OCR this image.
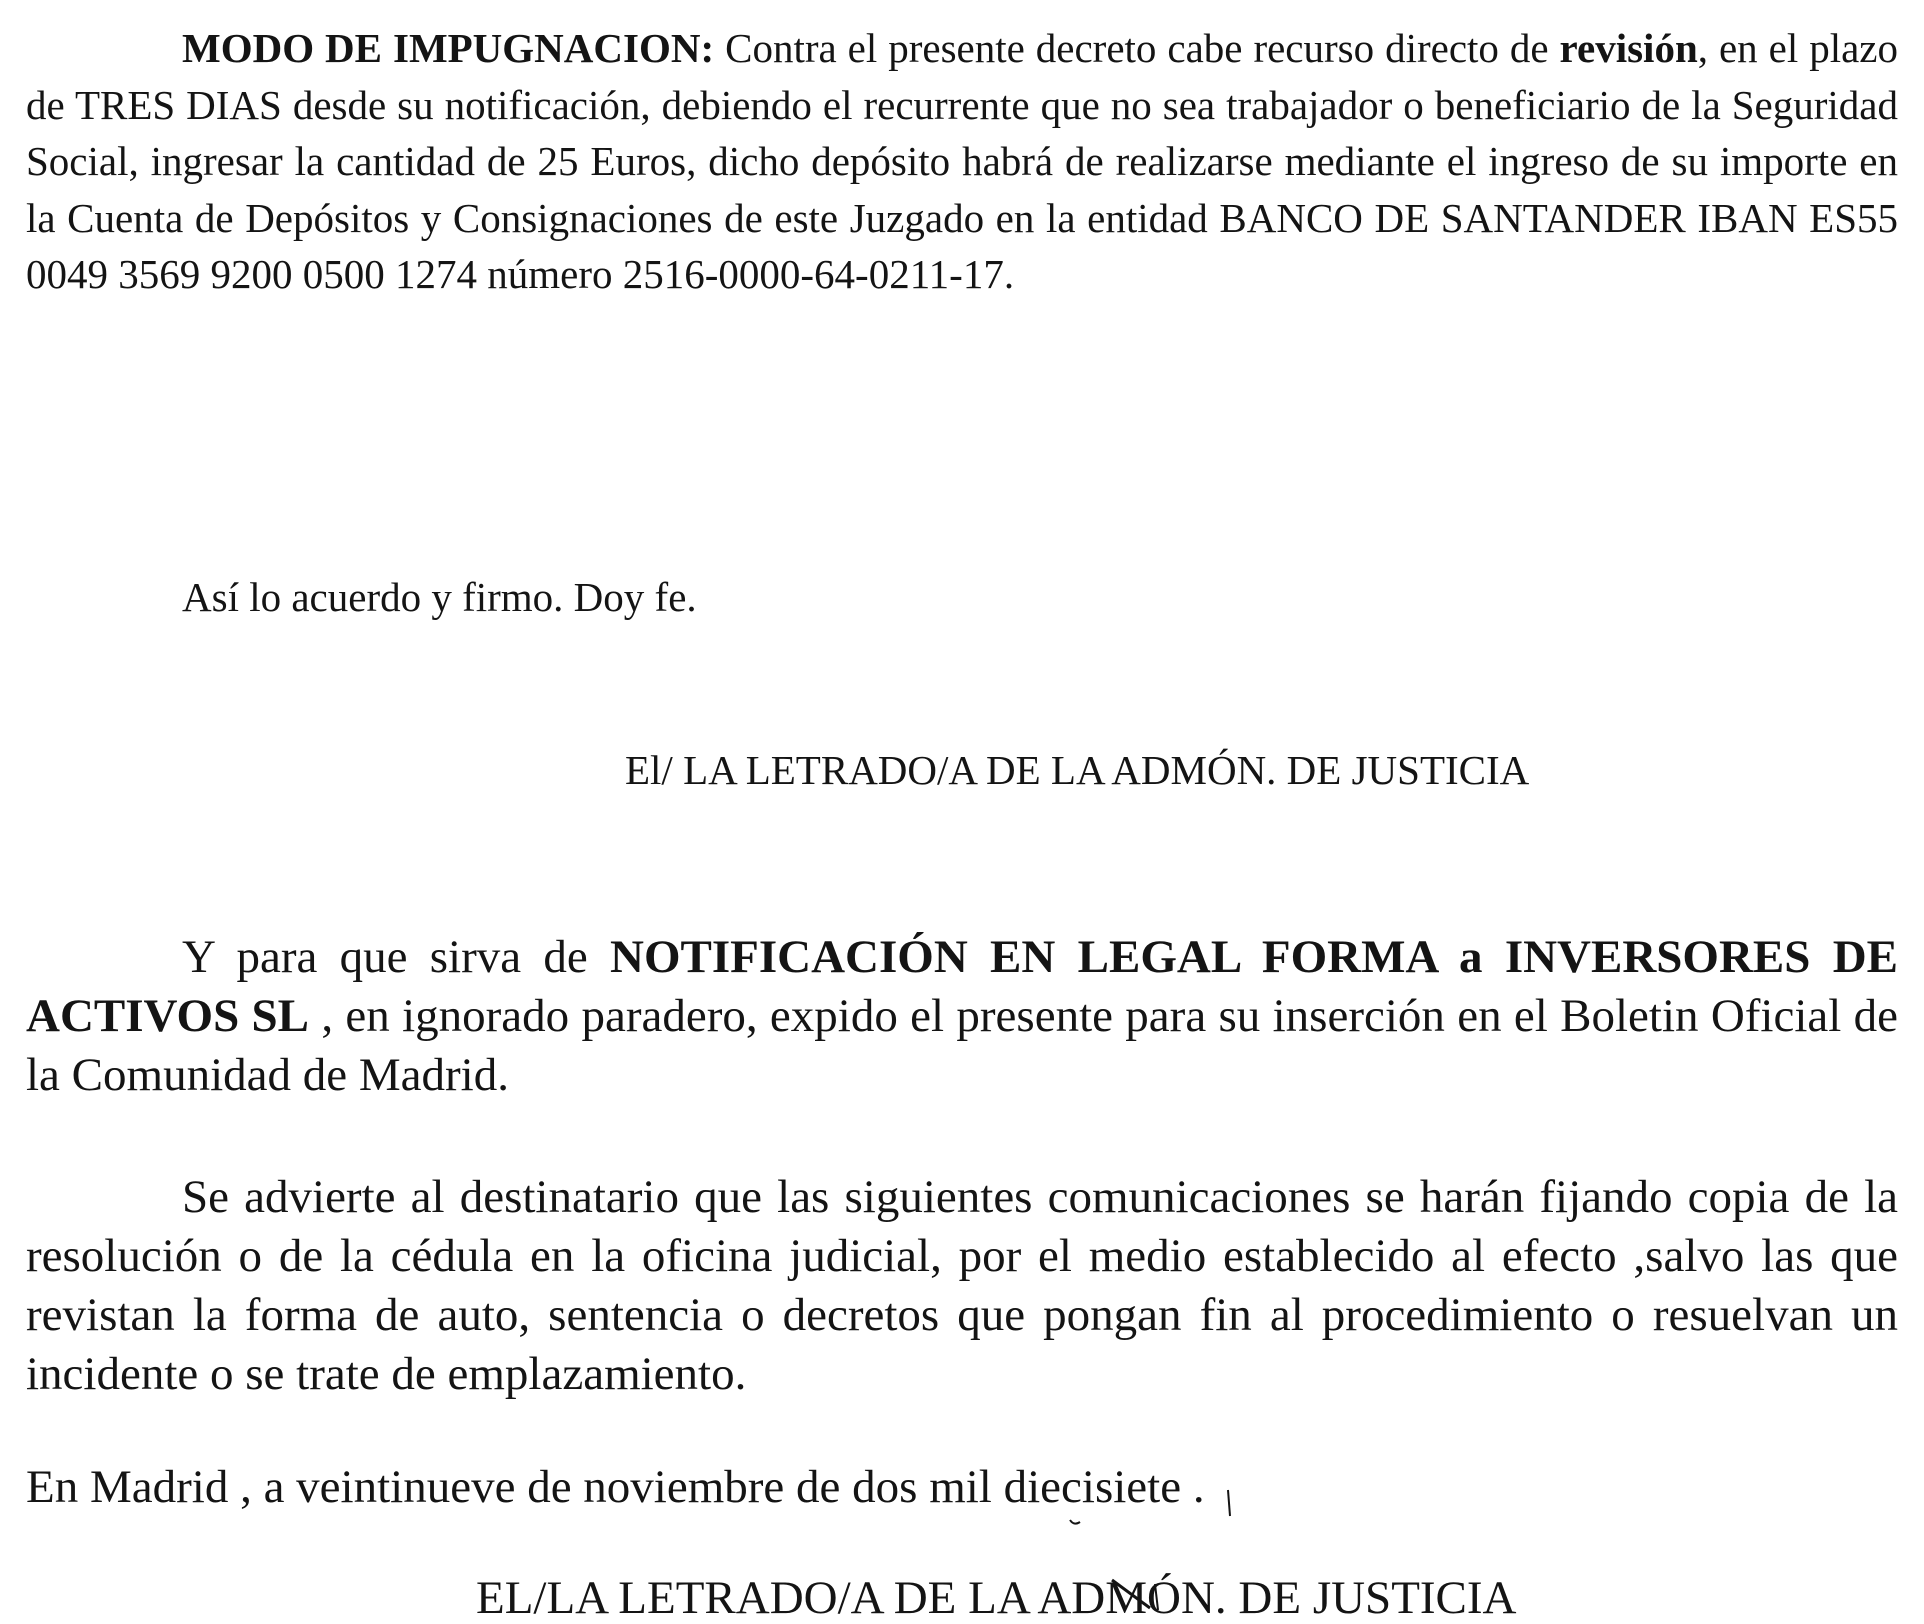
MODO DE IMPUGNACION: Contra el presente decreto cabe recurso directo de revisión, en el plazo de TRES DIAS desde su notificación, debiendo el recurrente que no sea trabajador o beneficiario de la Seguridad Social, ingresar la cantidad de 25 Euros, dicho depósito habrá de realizarse mediante el ingreso de su importe en la Cuenta de Depósitos y Consignaciones de este Juzgado en la entidad BANCO DE SANTANDER IBAN ES55 0049 3569 9200 0500 1274 número 2516-0000-64-0211-17.
Así lo acuerdo y firmo. Doy fe.
El/ LA LETRADO/A DE LA ADMÓN. DE JUSTICIA
Y para que sirva de NOTIFICACIÓN EN LEGAL FORMA a INVERSORES DE ACTIVOS SL , en ignorado paradero, expido el presente para su inserción en el Boletin Oficial de la Comunidad de Madrid.
Se advierte al destinatario que las siguientes comunicaciones se harán fijando copia de la resolución o de la cédula en la oficina judicial, por el medio establecido al efecto ,salvo las que revistan la forma de auto, sentencia o decretos que pongan fin al procedimiento o resuelvan un incidente o se trate de emplazamiento.
En Madrid , a veintinueve de noviembre de dos mil diecisiete .
EL/LA LETRADO/A DE LA ADMÓN. DE JUSTICIA
